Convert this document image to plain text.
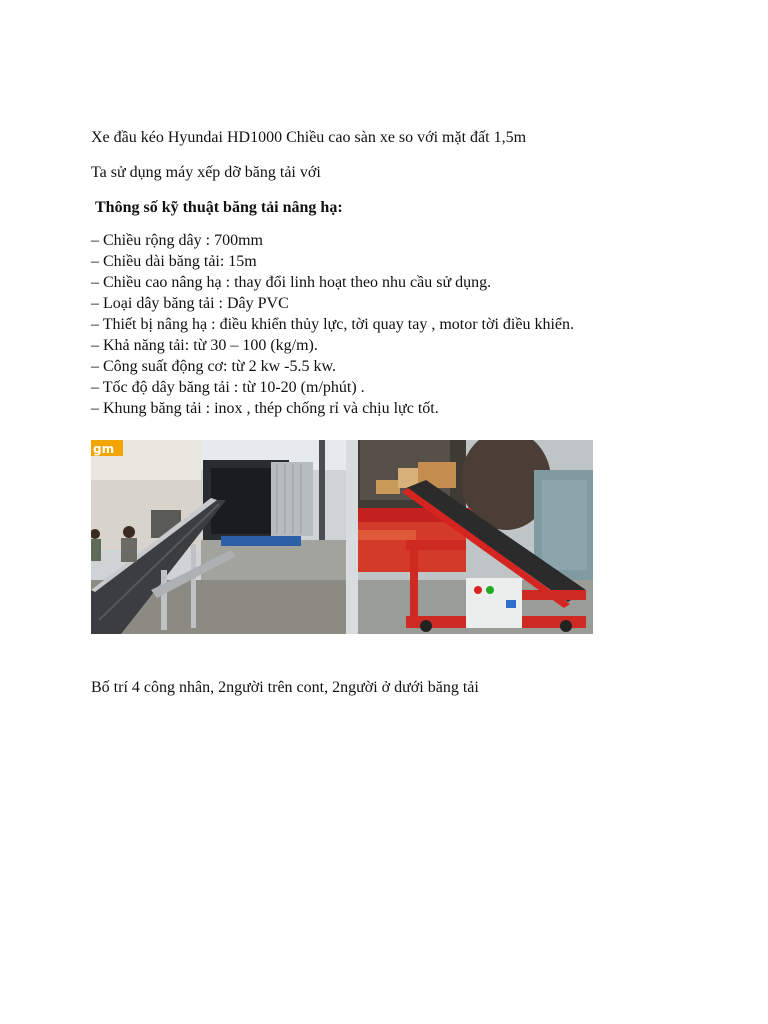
Xe đầu kéo Hyundai HD1000 Chiều cao sàn xe so với mặt đất 1,5m
Ta sử dụng máy xếp dỡ băng tải với
Thông số kỹ thuật băng tải nâng hạ:
– Chiều rộng dây : 700mm
– Chiều dài băng tải: 15m
– Chiều cao nâng hạ : thay đổi linh hoạt theo nhu cầu sử dụng.
– Loại dây băng tải : Dây PVC
– Thiết bị nâng hạ : điều khiển thủy lực, tời quay tay , motor tời điều khiển.
– Khả năng tải: từ 30 – 100 (kg/m).
– Công suất động cơ: từ 2 kw -5.5 kw.
– Tốc độ dây băng tải : từ 10-20 (m/phút) .
– Khung băng tải : inox , thép chống rỉ và chịu lực tốt.
gm
Bố trí 4 công nhân, 2người trên cont, 2người ở dưới băng tải
